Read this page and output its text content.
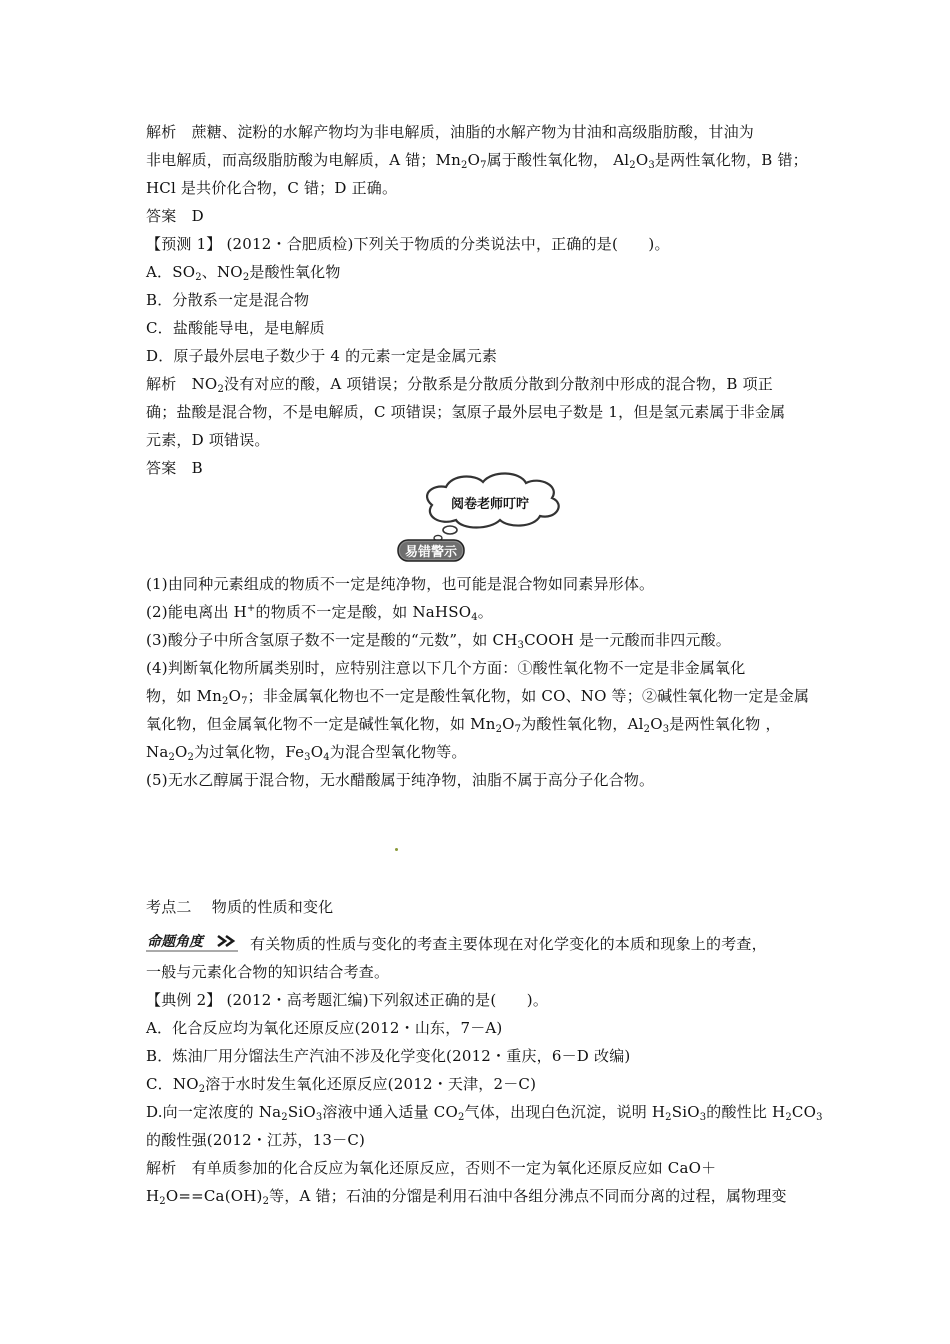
解析　蔗糖、淀粉的水解产物均为非电解质，油脂的水解产物为甘油和高级脂肪酸，甘油为
非电解质，而高级脂肪酸为电解质，A 错；$Mn_2O_7$属于酸性氧化物， $Al_2O_3$是两性氧化物，B 错；
HCl 是共价化合物，C 错；D 正确。
答案　D
【预测 1】 (2012・合肥质检)下列关于物质的分类说法中，正确的是(　　)。
A．$SO_2$、$NO_2$是酸性氧化物
B．分散系一定是混合物
C．盐酸能导电，是电解质
D．原子最外层电子数少于 4 的元素一定是金属元素
解析　$NO_2$没有对应的酸，A 项错误；分散系是分散质分散到分散剂中形成的混合物，B 项正
确；盐酸是混合物，不是电解质，C 项错误；氢原子最外层电子数是 1，但是氢元素属于非金属
元素，D 项错误。
答案　B
阅卷老师叮咛
易错警示
(1)由同种元素组成的物质不一定是纯净物，也可能是混合物如同素异形体。
(2)能电离出 H+的物质不一定是酸，如 NaHSO$_4$。
(3)酸分子中所含氢原子数不一定是酸的“元数”，如 $CH_3COOH$ 是一元酸而非四元酸。
(4)判断氧化物所属类别时，应特别注意以下几个方面：①酸性氧化物不一定是非金属氧化
物，如 $Mn_2O_7$；非金属氧化物也不一定是酸性氧化物，如 CO、NO 等；②碱性氧化物一定是金属
氧化物，但金属氧化物不一定是碱性氧化物，如 $Mn_2O_7$为酸性氧化物，$Al_2O_3$是两性氧化物 ，
$Na_2O_2$为过氧化物，$Fe_3O_4$为混合型氧化物等。
(5)无水乙醇属于混合物，无水醋酸属于纯净物，油脂不属于高分子化合物。
考点二　 物质的性质和变化
命题角度	有关物质的性质与变化的考查主要体现在对化学变化的本质和现象上的考查，
一般与元素化合物的知识结合考查。
【典例 2】 (2012・高考题汇编)下列叙述正确的是(　　)。
A．化合反应均为氧化还原反应(2012・山东，7－A)
B．炼油厂用分馏法生产汽油不涉及化学变化(2012・重庆，6－D 改编)
C．$NO_2$溶于水时发生氧化还原反应(2012・天津，2－C)
D.向一定浓度的 $Na_2SiO_3$溶液中通入适量 $CO_2$气体，出现白色沉淀，说明 $H_2SiO_3$的酸性比 $H_2CO_3$
的酸性强(2012・江苏，13－C)
解析　有单质参加的化合反应为氧化还原反应，否则不一定为氧化还原反应如 CaO＋
$H_2O==Ca(OH)_2$等，A 错；石油的分馏是利用石油中各组分沸点不同而分离的过程，属物理变
